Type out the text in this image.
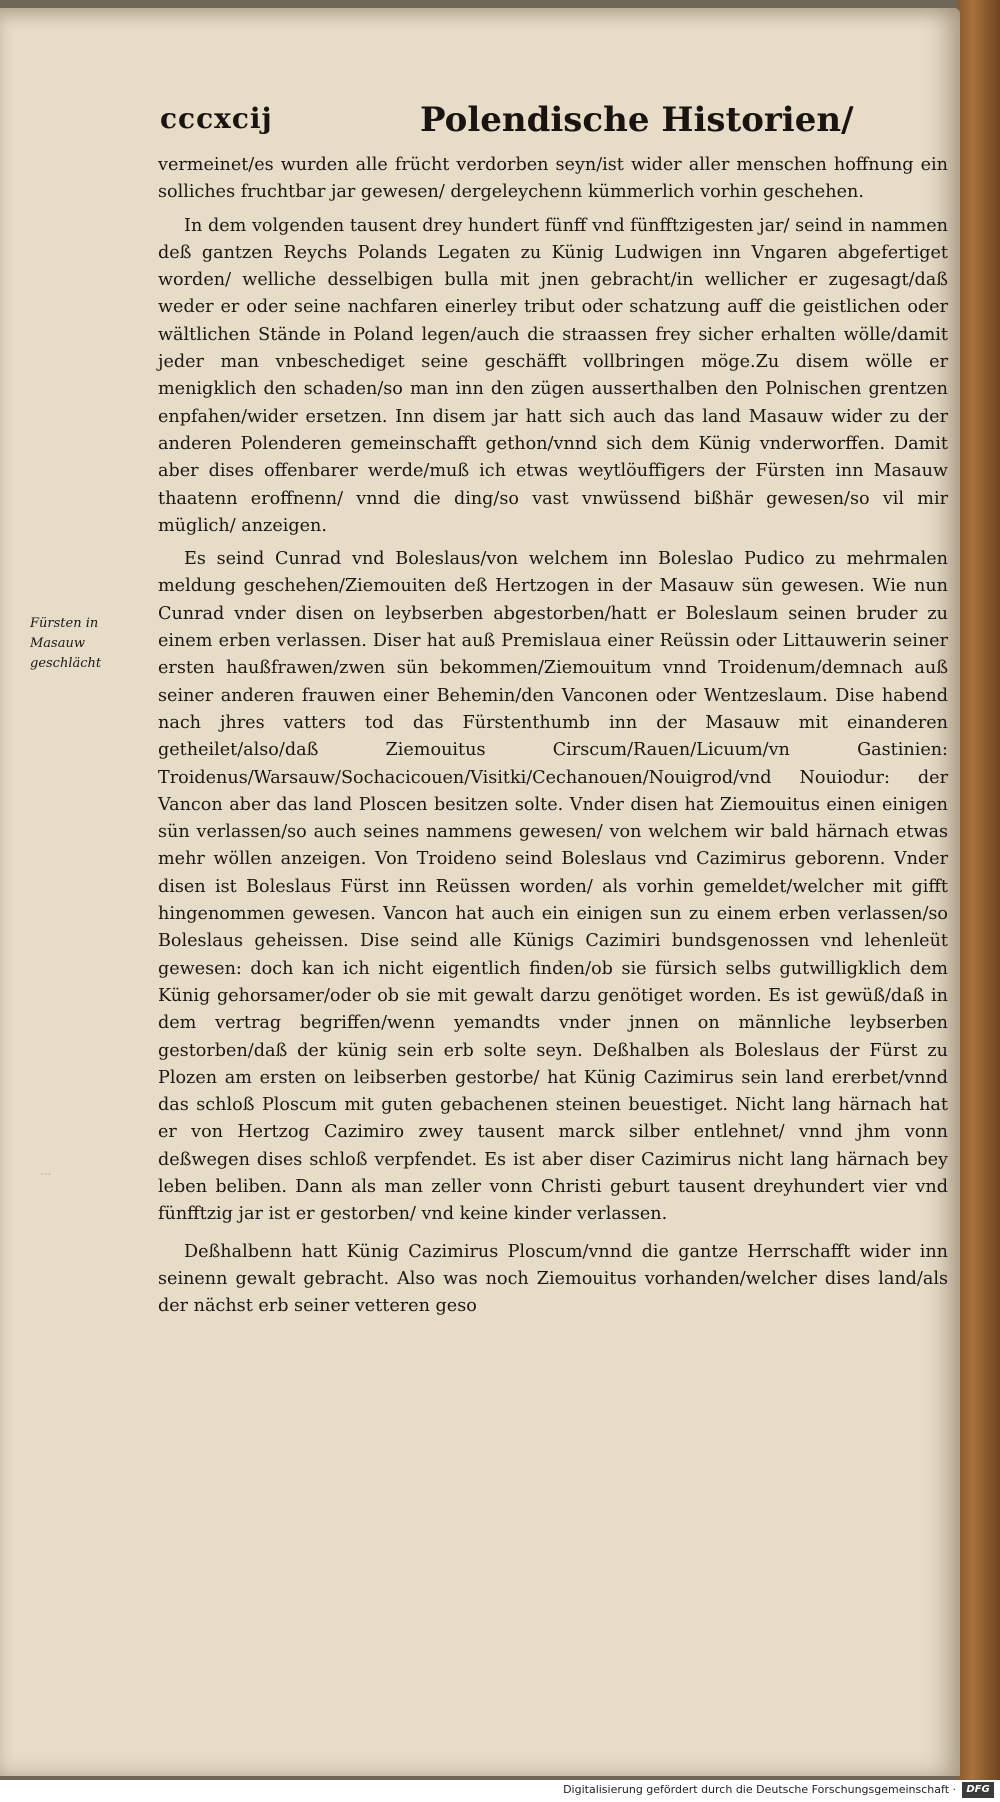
cccxcij	Polendische Historien/
Fürsten in Masauw geschlächt
...

vermeinet/es wurden alle frücht verdorben seyn/ist wider aller menschen hoffnung ein solliches fruchtbar jar gewesen/ dergeleychenn kümmerlich vorhin geschehen.

In dem volgenden tausent drey hundert fünff vnd fünfftzigesten jar/ seind in nammen deß gantzen Reychs Polands Legaten zu Künig Ludwigen inn Vngaren abgefertiget worden/ welliche desselbigen bulla mit jnen gebracht/in wellicher er zugesagt/daß weder er oder seine nachfaren einerley tribut oder schatzung auff die geistlichen oder wältlichen Stände in Poland legen/auch die straassen frey sicher erhalten wölle/damit jeder man vnbeschediget seine geschäfft vollbringen möge.Zu disem wölle er menigklich den schaden/so man inn den zügen ausserthalben den Polnischen grentzen enpfahen/wider ersetzen. Inn disem jar hatt sich auch das land Masauw wider zu der anderen Polenderen gemeinschafft gethon/vnnd sich dem Künig vnderworffen. Damit aber dises offenbarer werde/muß ich etwas weytlöuffigers der Fürsten inn Masauw thaatenn eroffnenn/ vnnd die ding/so vast vnwüssend bißhär gewesen/so vil mir müglich/ anzeigen.

Es seind Cunrad vnd Boleslaus/von welchem inn Boleslao Pudico zu mehrmalen meldung geschehen/Ziemouiten deß Hertzogen in der Masauw sün gewesen. Wie nun Cunrad vnder disen on leybserben abgestorben/hatt er Boleslaum seinen bruder zu einem erben verlassen. Diser hat auß Premislaua einer Reüssin oder Littauwerin seiner ersten haußfrawen/zwen sün bekommen/Ziemouitum vnnd Troidenum/demnach auß seiner anderen frauwen einer Behemin/den Vanconen oder Wentzeslaum. Dise habend nach jhres vatters tod das Fürstenthumb inn der Masauw mit einanderen getheilet/also/daß Ziemouitus Cirscum/Rauen/Licuum/vn Gastinien: Troidenus/Warsauw/Sochacicouen/Visitki/Cechanouen/Nouigrod/vnd Nouiodur: der Vancon aber das land Ploscen besitzen solte. Vnder disen hat Ziemouitus einen einigen sün verlassen/so auch seines nammens gewesen/ von welchem wir bald härnach etwas mehr wöllen anzeigen. Von Troideno seind Boleslaus vnd Cazimirus geborenn. Vnder disen ist Boleslaus Fürst inn Reüssen worden/ als vorhin gemeldet/welcher mit gifft hingenommen gewesen. Vancon hat auch ein einigen sun zu einem erben verlassen/so Boleslaus geheissen. Dise seind alle Künigs Cazimiri bundsgenossen vnd lehenleüt gewesen: doch kan ich nicht eigentlich finden/ob sie fürsich selbs gutwilligklich dem Künig gehorsamer/oder ob sie mit gewalt darzu genötiget worden. Es ist gewüß/daß in dem vertrag begriffen/wenn yemandts vnder jnnen on männliche leybserben gestorben/daß der künig sein erb solte seyn. Deßhalben als Boleslaus der Fürst zu Plozen am ersten on leibserben gestorbe/ hat Künig Cazimirus sein land ererbet/vnnd das schloß Ploscum mit guten gebachenen steinen beuestiget. Nicht lang härnach hat er von Hertzog Cazimiro zwey tausent marck silber entlehnet/ vnnd jhm vonn deßwegen dises schloß verpfendet. Es ist aber diser Cazimirus nicht lang härnach bey leben beliben. Dann als man zeller vonn Christi geburt tausent dreyhundert vier vnd fünfftzig jar ist er gestorben/ vnd keine kinder verlassen.

Deßhalbenn hatt Künig Cazimirus Ploscum/vnnd die gantze Herrschafft wider inn seinenn gewalt gebracht. Also was noch Ziemouitus vorhanden/welcher dises land/als der nächst erb seiner vetteren geso

Digitalisierung gefördert durch die Deutsche Forschungsgemeinschaft ·	DFG
